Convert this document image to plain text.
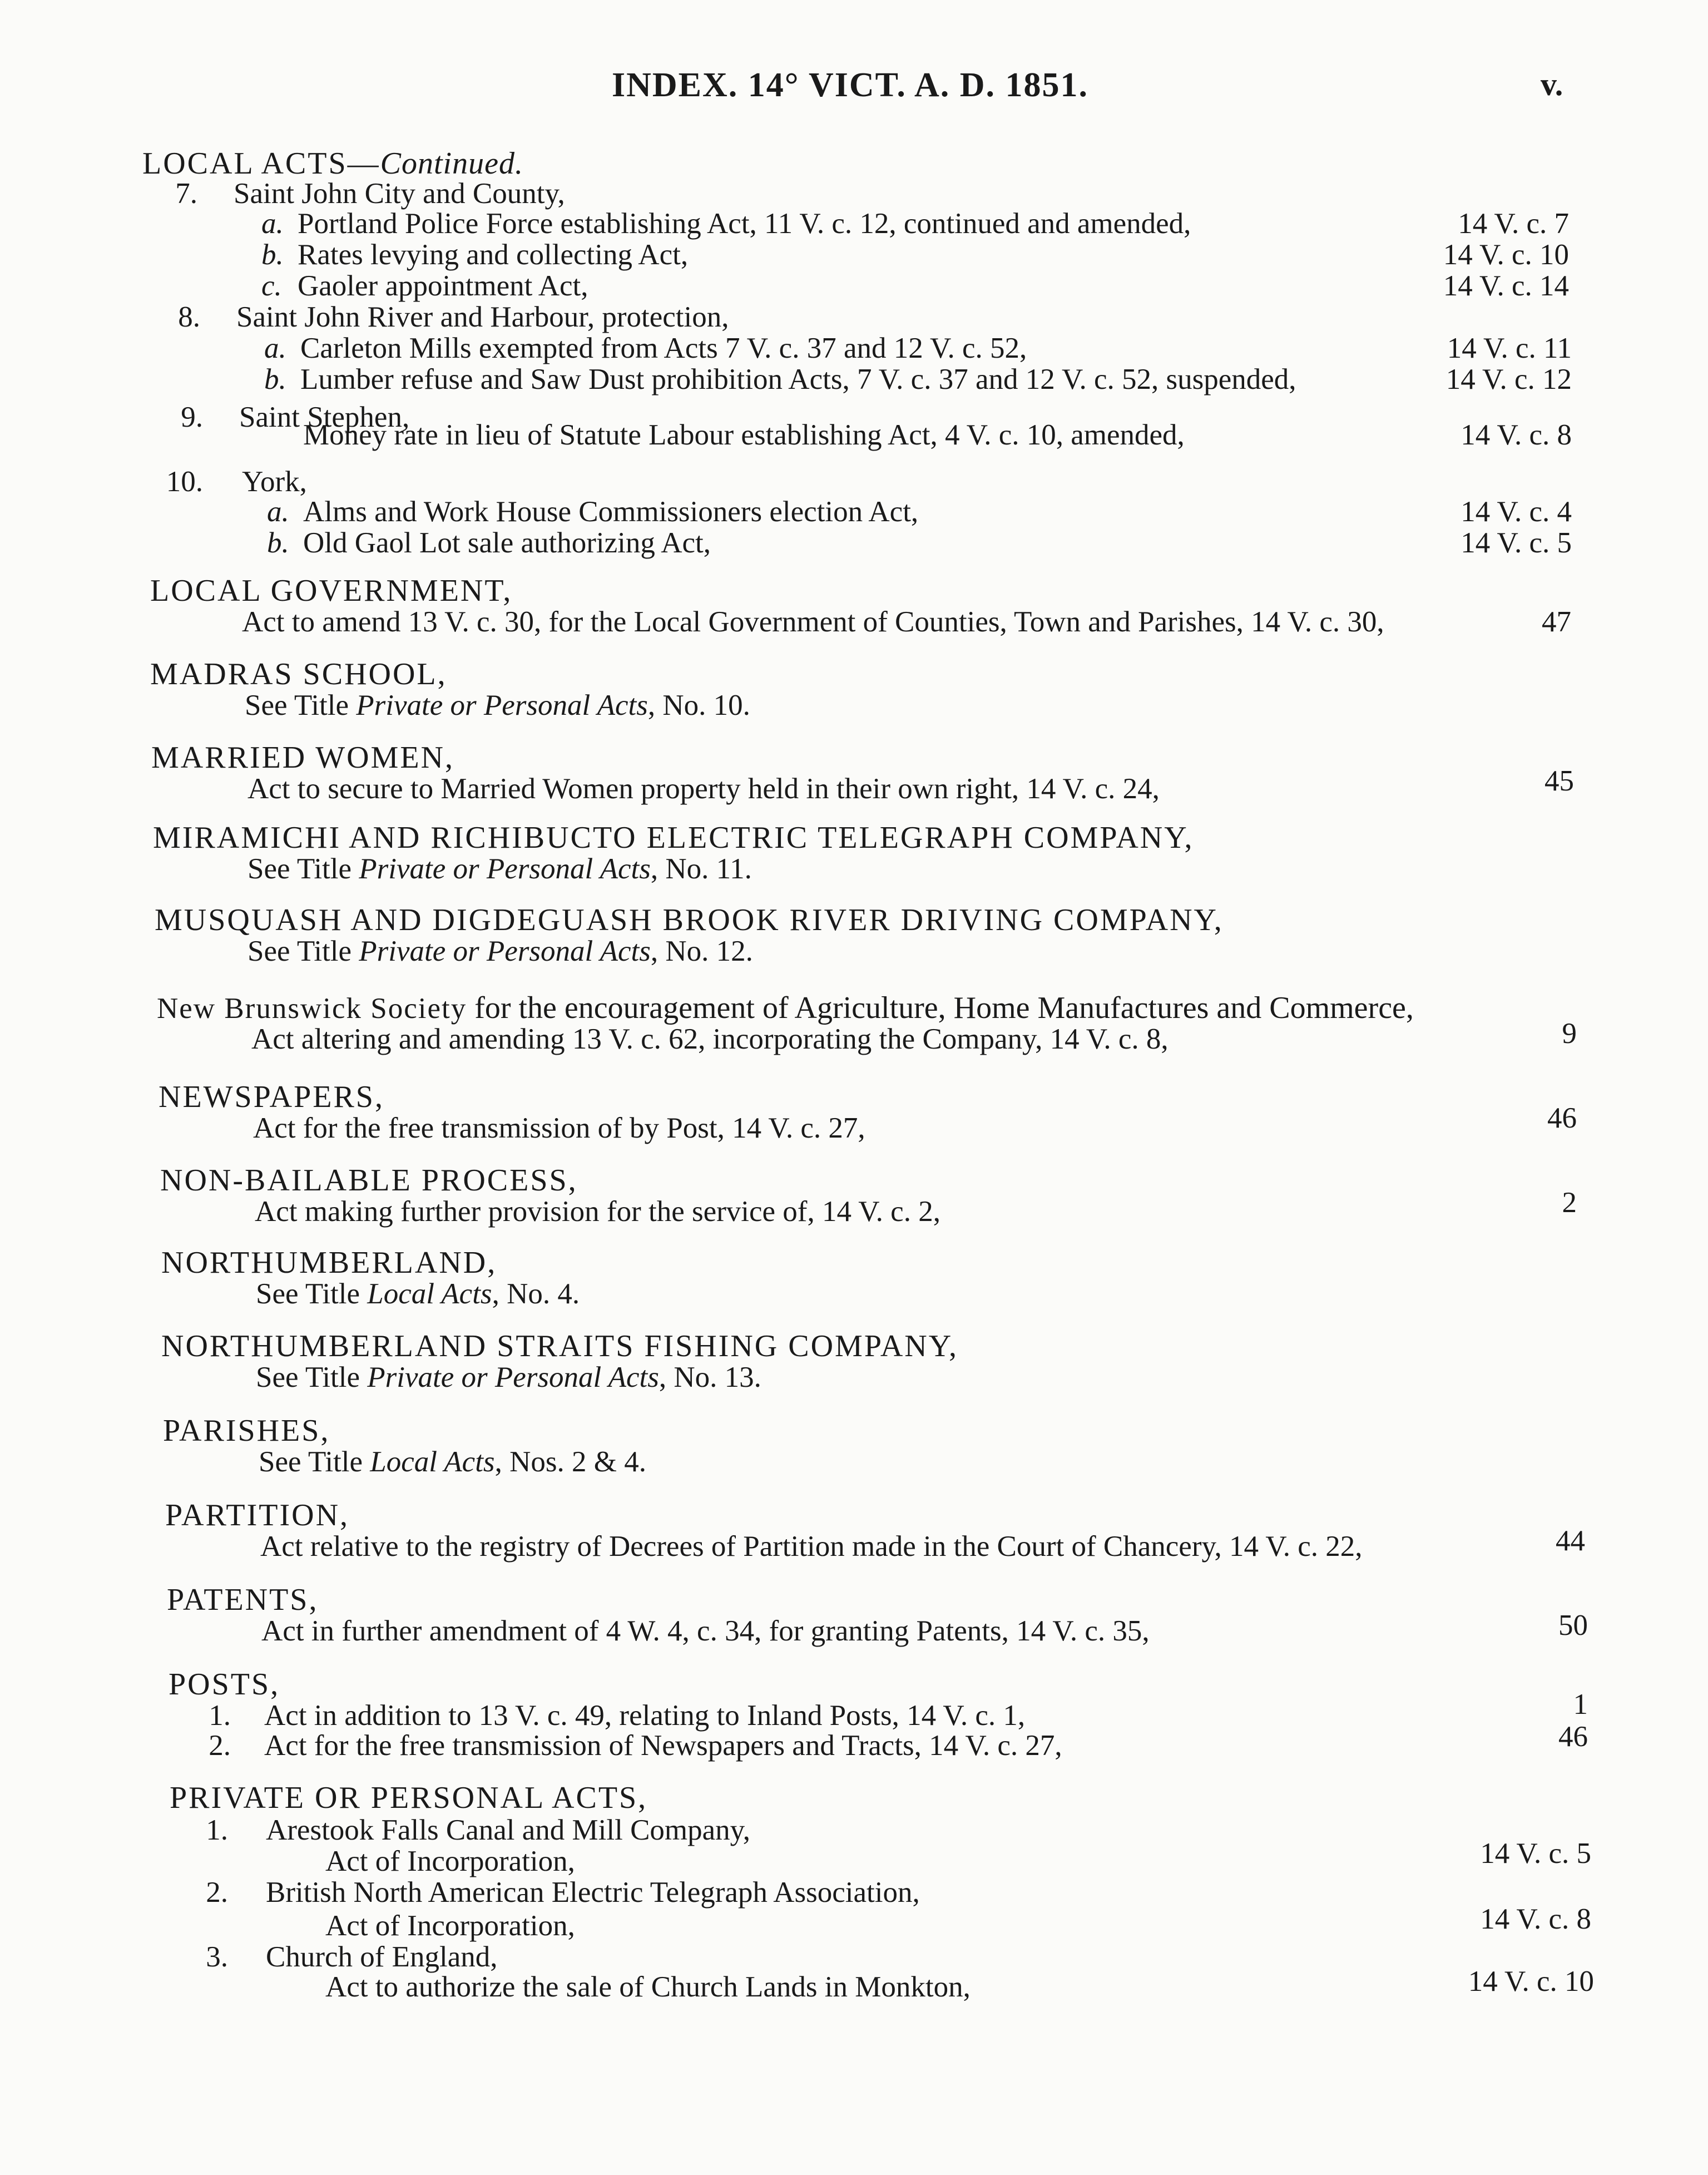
INDEX. 14° VICT. A. D. 1851.	v.
LOCAL ACTS—Continued.
7. Saint John City and County,
a. Portland Police Force establishing Act, 11 V. c. 12, continued and amended,	14 V. c. 7
b. Rates levying and collecting Act,	14 V. c. 10
c. Gaoler appointment Act,	14 V. c. 14
8. Saint John River and Harbour, protection,
a. Carleton Mills exempted from Acts 7 V. c. 37 and 12 V. c. 52,	14 V. c. 11
b. Lumber refuse and Saw Dust prohibition Acts, 7 V. c. 37 and 12 V. c. 52, suspended,	14 V. c. 12
9. Saint Stephen,
Money rate in lieu of Statute Labour establishing Act, 4 V. c. 10, amended,	14 V. c. 8
10. York,
a. Alms and Work House Commissioners election Act,	14 V. c. 4
b. Old Gaol Lot sale authorizing Act,	14 V. c. 5
LOCAL GOVERNMENT,
Act to amend 13 V. c. 30, for the Local Government of Counties, Town and Parishes, 14 V. c. 30,	47
MADRAS SCHOOL,
See Title Private or Personal Acts, No. 10.
MARRIED WOMEN,
Act to secure to Married Women property held in their own right, 14 V. c. 24,	45
MIRAMICHI AND RICHIBUCTO ELECTRIC TELEGRAPH COMPANY,
See Title Private or Personal Acts, No. 11.
MUSQUASH AND DIGDEGUASH BROOK RIVER DRIVING COMPANY,
See Title Private or Personal Acts, No. 12.
New Brunswick Society for the encouragement of Agriculture, Home Manufactures and Commerce,
Act altering and amending 13 V. c. 62, incorporating the Company, 14 V. c. 8,	9
NEWSPAPERS,
Act for the free transmission of by Post, 14 V. c. 27,	46
NON-BAILABLE PROCESS,
Act making further provision for the service of, 14 V. c. 2,	2
NORTHUMBERLAND,
See Title Local Acts, No. 4.
NORTHUMBERLAND STRAITS FISHING COMPANY,
See Title Private or Personal Acts, No. 13.
PARISHES,
See Title Local Acts, Nos. 2 & 4.
PARTITION,
Act relative to the registry of Decrees of Partition made in the Court of Chancery, 14 V. c. 22,	44
PATENTS,
Act in further amendment of 4 W. 4, c. 34, for granting Patents, 14 V. c. 35,	50
POSTS,
1. Act in addition to 13 V. c. 49, relating to Inland Posts, 14 V. c. 1,	1
2. Act for the free transmission of Newspapers and Tracts, 14 V. c. 27,	46
PRIVATE OR PERSONAL ACTS,
1. Arestook Falls Canal and Mill Company,
Act of Incorporation,	14 V. c. 5
2. British North American Electric Telegraph Association,
Act of Incorporation,	14 V. c. 8
3. Church of England,
Act to authorize the sale of Church Lands in Monkton,	14 V. c. 10
